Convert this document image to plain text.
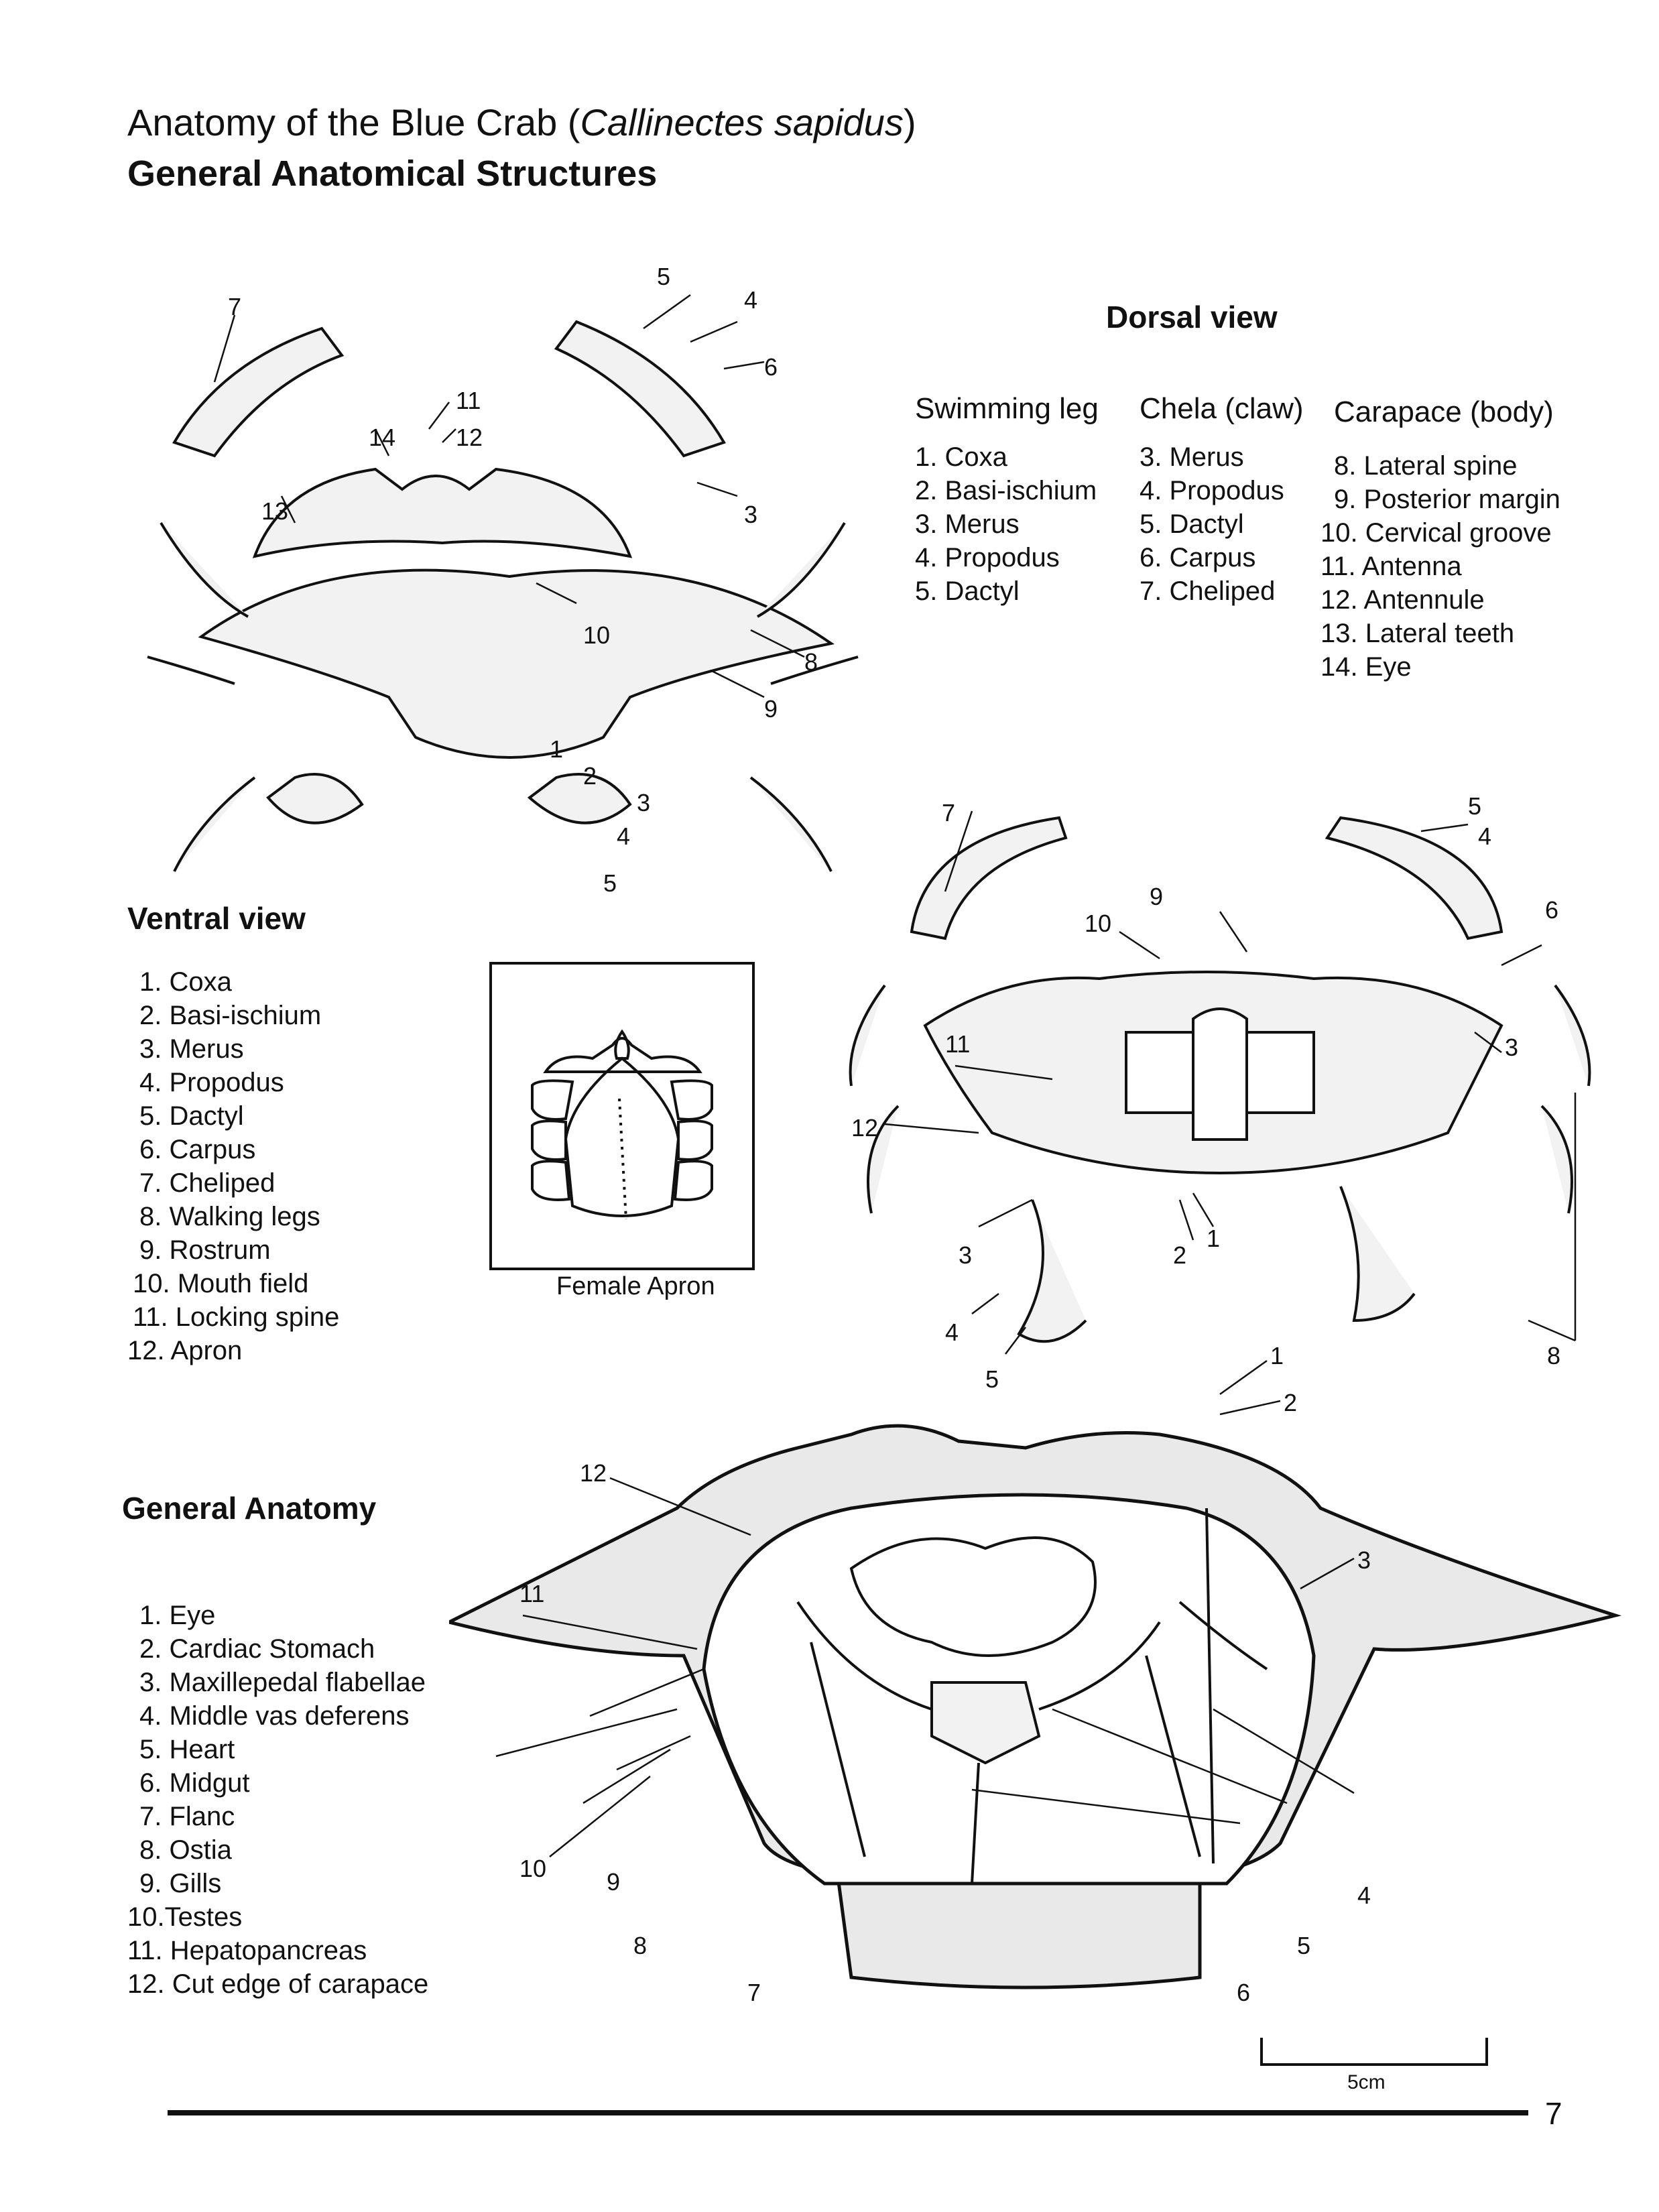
Anatomy of the Blue Crab (Callinectes sapidus)
General Anatomical Structures
1
2
3
4
5
3
4
5
6
7
8
9
10
11
12
13
14
Dorsal view
Swimming leg
1. Coxa
2. Basi-ischium
3. Merus
4. Propodus
5. Dactyl
Chela (claw)
3. Merus
4. Propodus
5. Dactyl
6. Carpus
7. Cheliped
Carapace (body)
8. Lateral spine
9. Posterior margin
10. Cervical groove
11. Antenna
12. Antennule
13. Lateral teeth
14. Eye
Ventral view
1. Coxa
2. Basi-ischium
3. Merus
4. Propodus
5. Dactyl
6. Carpus
7. Cheliped
8. Walking legs
9. Rostrum
10. Mouth field
11. Locking spine
12. Apron
Female Apron
1
2
3
4
5
3
4
5
6
7
8
9
10
11
12
General Anatomy
1. Eye
2. Cardiac Stomach
3. Maxillepedal flabellae
4. Middle vas deferens
5. Heart
6. Midgut
7. Flanc
8. Ostia
9. Gills
10.Testes
11. Hepatopancreas
12. Cut edge of carapace
1
2
3
4
5
6
7
8
9
10
11
12
5cm
7
